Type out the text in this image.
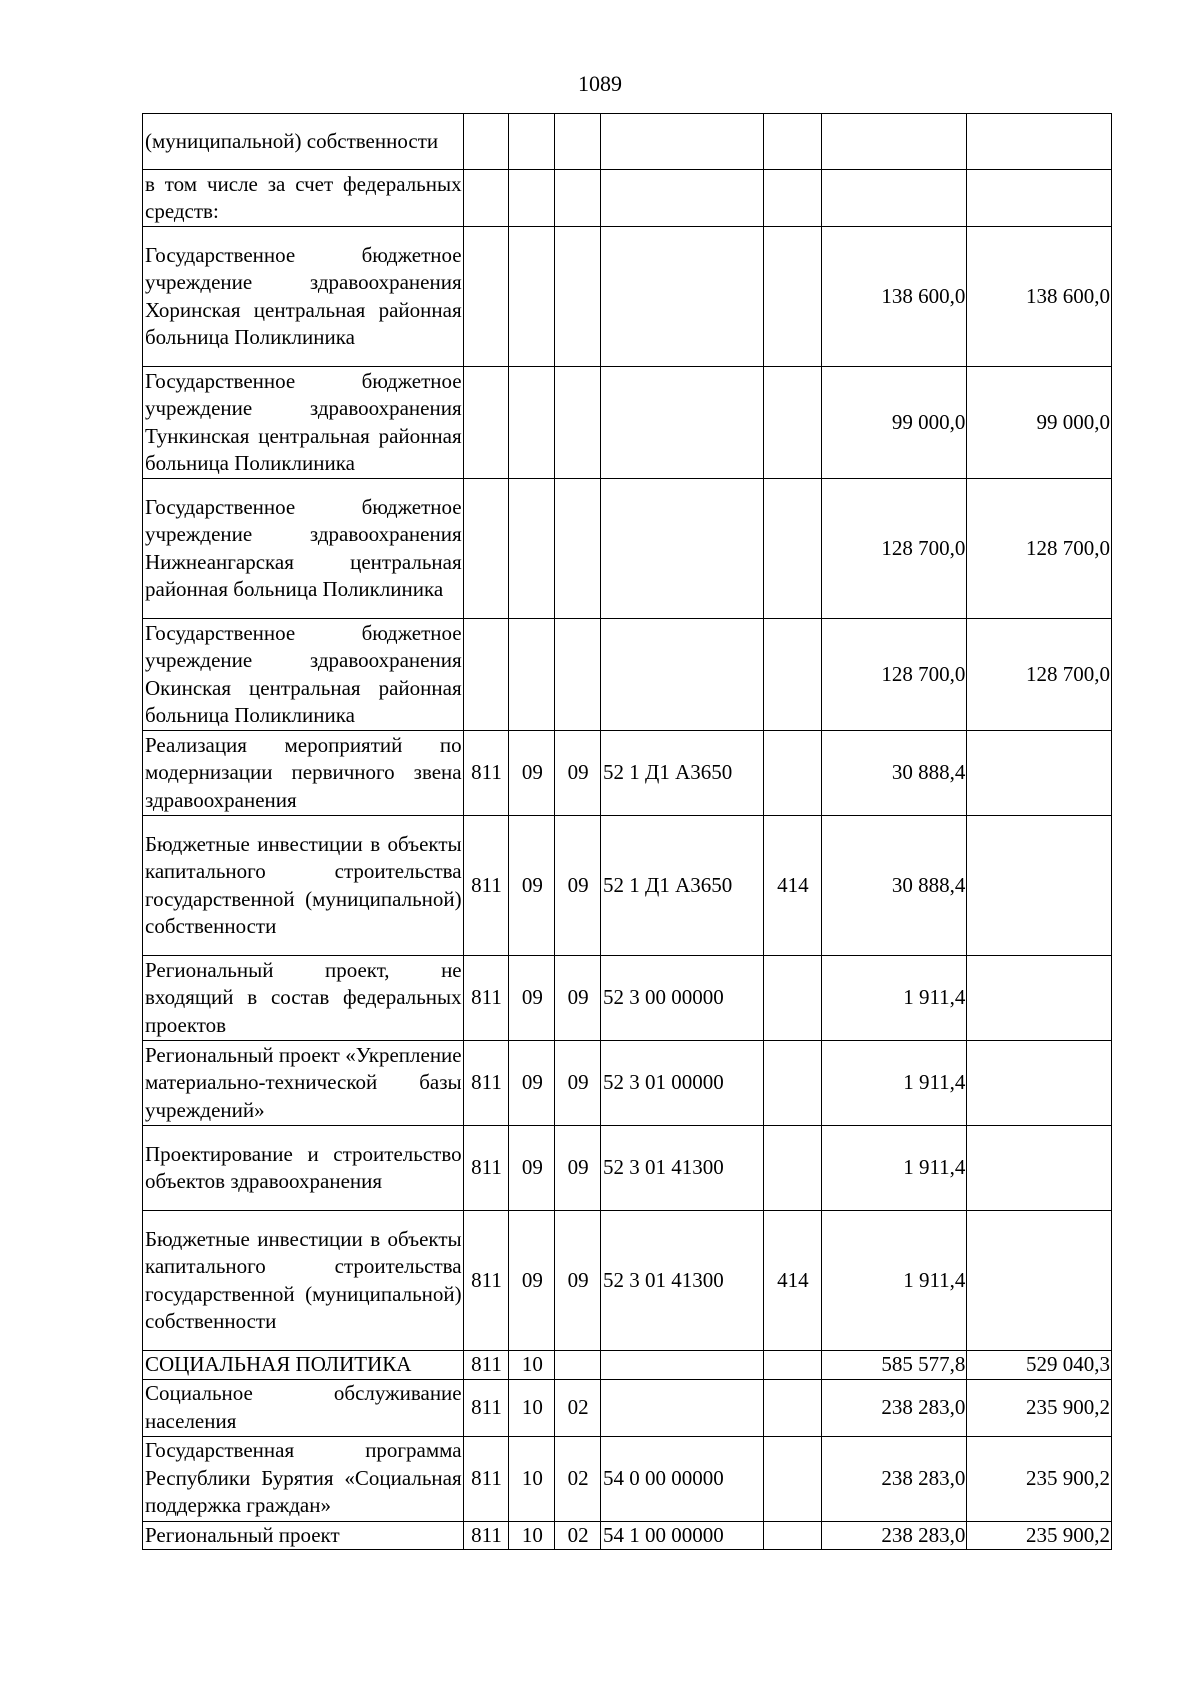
1089
(муниципальной) собственности							
в том числе за счет федеральных средств:							
Государственное бюджетное учреждение здравоохранения Хоринская центральная районная больница Поликлиника						138 600,0	138 600,0
Государственное бюджетное учреждение здравоохранения Тункинская центральная районная больница Поликлиника						99 000,0	99 000,0
Государственное бюджетное учреждение здравоохранения Нижнеангарская центральная районная больница Поликлиника						128 700,0	128 700,0
Государственное бюджетное учреждение здравоохранения Окинская центральная районная больница Поликлиника						128 700,0	128 700,0
Реализация мероприятий по модернизации первичного звена здравоохранения	811	09	09	52 1 Д1 А3650		30 888,4	
Бюджетные инвестиции в объекты капитального строительства государственной (муниципальной) собственности	811	09	09	52 1 Д1 А3650	414	30 888,4	
Региональный проект, не входящий в состав федеральных проектов	811	09	09	52 3 00 00000		1 911,4	
Региональный проект «Укрепление материально-технической базы учреждений»	811	09	09	52 3 01 00000		1 911,4	
Проектирование и строительство объектов здравоохранения	811	09	09	52 3 01 41300		1 911,4	
Бюджетные инвестиции в объекты капитального строительства государственной (муниципальной) собственности	811	09	09	52 3 01 41300	414	1 911,4	
СОЦИАЛЬНАЯ ПОЛИТИКА	811	10				585 577,8	529 040,3
Социальное обслуживание населения	811	10	02			238 283,0	235 900,2
Государственная программа Республики Бурятия «Социальная поддержка граждан»	811	10	02	54 0 00 00000		238 283,0	235 900,2
Региональный проект	811	10	02	54 1 00 00000		238 283,0	235 900,2
